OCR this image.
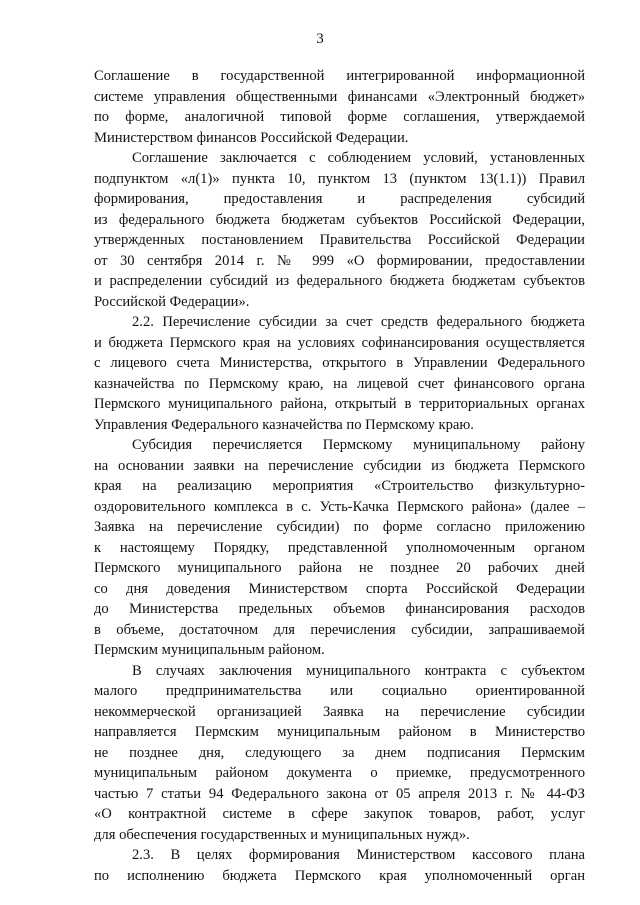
3
Соглашение в государственной интегрированной информационной
системе управления общественными финансами «Электронный бюджет»
по форме, аналогичной типовой форме соглашения, утверждаемой
Министерством финансов Российской Федерации.
Соглашение заключается с соблюдением условий, установленных
подпунктом «л(1)» пункта 10, пунктом 13 (пунктом 13(1.1)) Правил
формирования, предоставления и распределения субсидий
из федерального бюджета бюджетам субъектов Российской Федерации,
утвержденных постановлением Правительства Российской Федерации
от 30 сентября 2014 г. № 999 «О формировании, предоставлении
и распределении субсидий из федерального бюджета бюджетам субъектов
Российской Федерации».
2.2. Перечисление субсидии за счет средств федерального бюджета
и бюджета Пермского края на условиях софинансирования осуществляется
с лицевого счета Министерства, открытого в Управлении Федерального
казначейства по Пермскому краю, на лицевой счет финансового органа
Пермского муниципального района, открытый в территориальных органах
Управления Федерального казначейства по Пермскому краю.
Субсидия перечисляется Пермскому муниципальному району
на основании заявки на перечисление субсидии из бюджета Пермского
края на реализацию мероприятия «Строительство физкультурно-
оздоровительного комплекса в с. Усть-Качка Пермского района» (далее –
Заявка на перечисление субсидии) по форме согласно приложению
к настоящему Порядку, представленной уполномоченным органом
Пермского муниципального района не позднее 20 рабочих дней
со дня доведения Министерством спорта Российской Федерации
до Министерства предельных объемов финансирования расходов
в объеме, достаточном для перечисления субсидии, запрашиваемой
Пермским муниципальным районом.
В случаях заключения муниципального контракта с субъектом
малого предпринимательства или социально ориентированной
некоммерческой организацией Заявка на перечисление субсидии
направляется Пермским муниципальным районом в Министерство
не позднее дня, следующего за днем подписания Пермским
муниципальным районом документа о приемке, предусмотренного
частью 7 статьи 94 Федерального закона от 05 апреля 2013 г. № 44-ФЗ
«О контрактной системе в сфере закупок товаров, работ, услуг
для обеспечения государственных и муниципальных нужд».
2.3. В целях формирования Министерством кассового плана
по исполнению бюджета Пермского края уполномоченный орган
